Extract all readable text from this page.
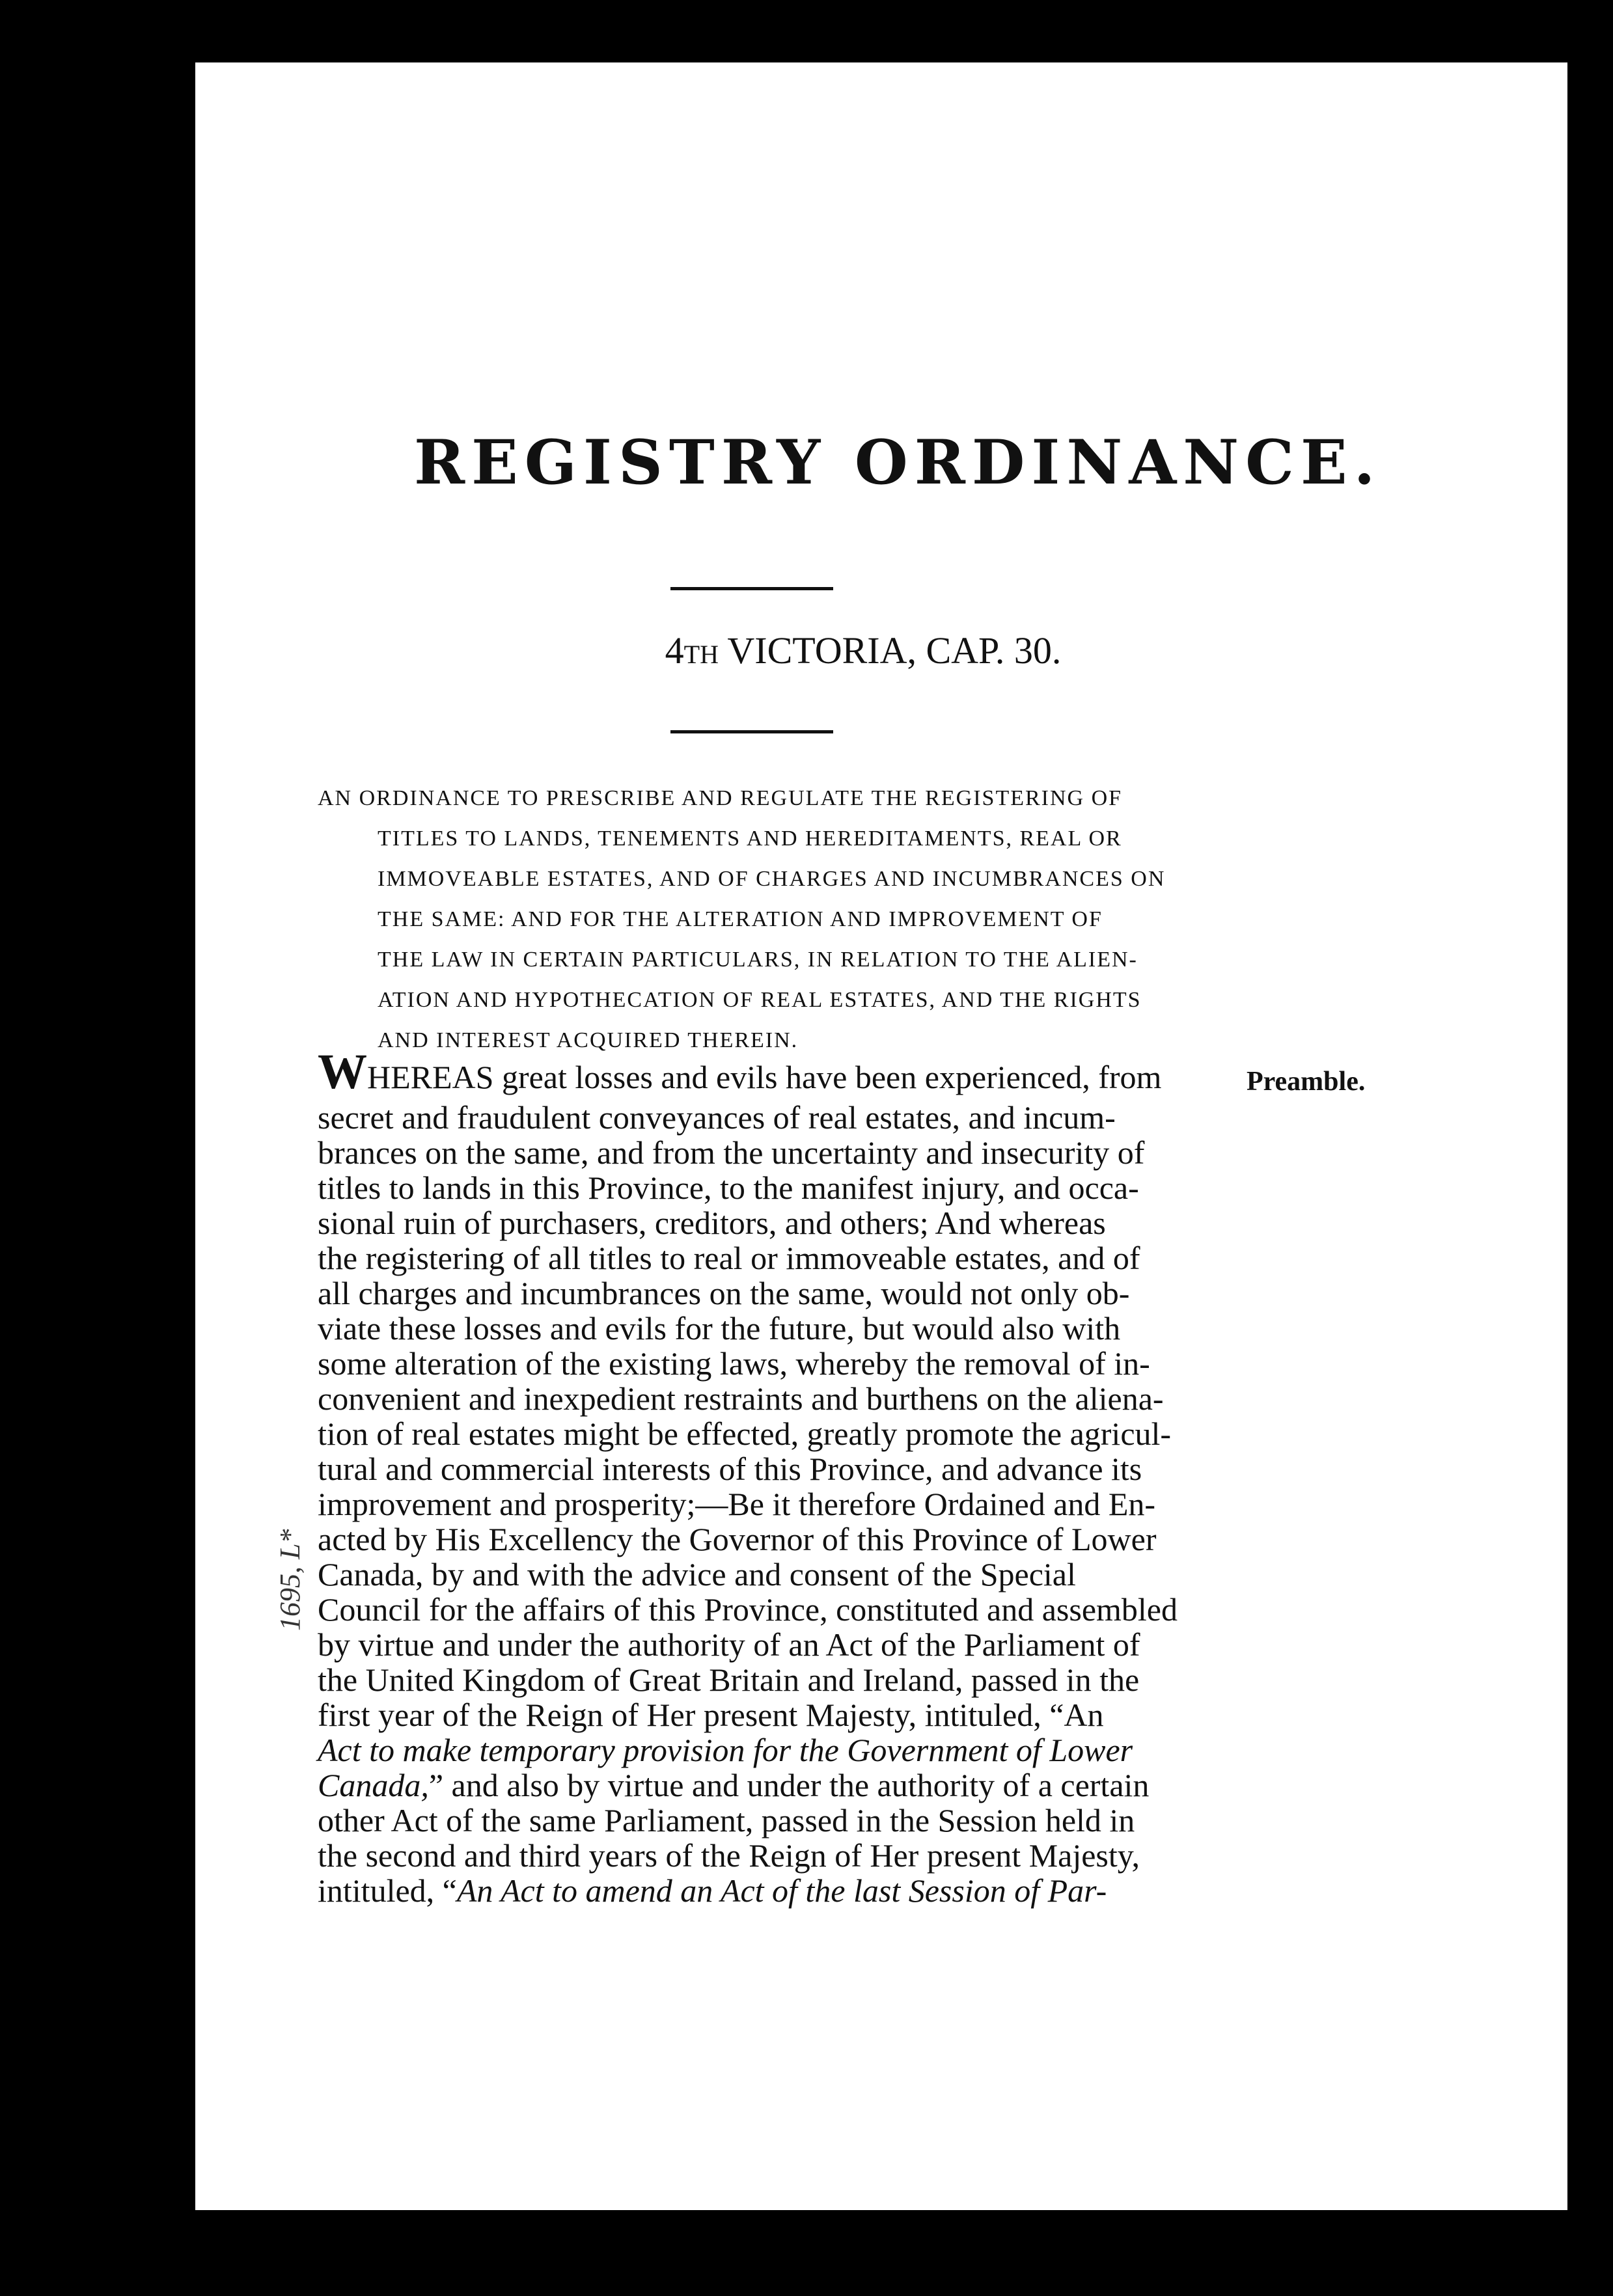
REGISTRY ORDINANCE.
4TH VICTORIA, CAP. 30.
AN ORDINANCE TO PRESCRIBE AND REGULATE THE REGISTERING OF
TITLES TO LANDS, TENEMENTS AND HEREDITAMENTS, REAL OR
IMMOVEABLE ESTATES, AND OF CHARGES AND INCUMBRANCES ON
THE SAME: AND FOR THE ALTERATION AND IMPROVEMENT OF
THE LAW IN CERTAIN PARTICULARS, IN RELATION TO THE ALIEN-
ATION AND HYPOTHECATION OF REAL ESTATES, AND THE RIGHTS
AND INTEREST ACQUIRED THEREIN.
Preamble.
WHEREAS great losses and evils have been experienced, from
secret and fraudulent conveyances of real estates, and incum-
brances on the same, and from the uncertainty and insecurity of
titles to lands in this Province, to the manifest injury, and occa-
sional ruin of purchasers, creditors, and others; And whereas
the registering of all titles to real or immoveable estates, and of
all charges and incumbrances on the same, would not only ob-
viate these losses and evils for the future, but would also with
some alteration of the existing laws, whereby the removal of in-
convenient and inexpedient restraints and burthens on the aliena-
tion of real estates might be effected, greatly promote the agricul-
tural and commercial interests of this Province, and advance its
improvement and prosperity;—Be it therefore Ordained and En-
acted by His Excellency the Governor of this Province of Lower
Canada, by and with the advice and consent of the Special
Council for the affairs of this Province, constituted and assembled
by virtue and under the authority of an Act of the Parliament of
the United Kingdom of Great Britain and Ireland, passed in the
first year of the Reign of Her present Majesty, intituled, “An
Act to make temporary provision for the Government of Lower
Canada,” and also by virtue and under the authority of a certain
other Act of the same Parliament, passed in the Session held in
the second and third years of the Reign of Her present Majesty,
intituled, “An Act to amend an Act of the last Session of Par-
1695, L*
